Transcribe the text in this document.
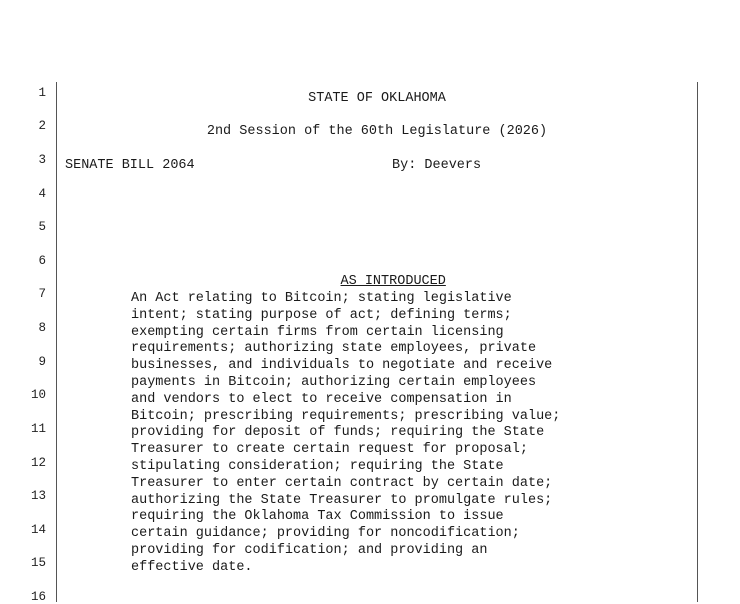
1
2
3
4
5
6
7
8
9
10
11
12
13
14
15
16
STATE OF OKLAHOMA
2nd Session of the 60th Legislature (2026)
SENATE BILL 2064	By: Deevers

AS INTRODUCED

An Act relating to Bitcoin; stating legislative
intent; stating purpose of act; defining terms;
exempting certain firms from certain licensing
requirements; authorizing state employees, private
businesses, and individuals to negotiate and receive
payments in Bitcoin; authorizing certain employees
and vendors to elect to receive compensation in
Bitcoin; prescribing requirements; prescribing value;
providing for deposit of funds; requiring the State
Treasurer to create certain request for proposal;
stipulating consideration; requiring the State
Treasurer to enter certain contract by certain date;
authorizing the State Treasurer to promulgate rules;
requiring the Oklahoma Tax Commission to issue
certain guidance; providing for noncodification;
providing for codification; and providing an
effective date.
